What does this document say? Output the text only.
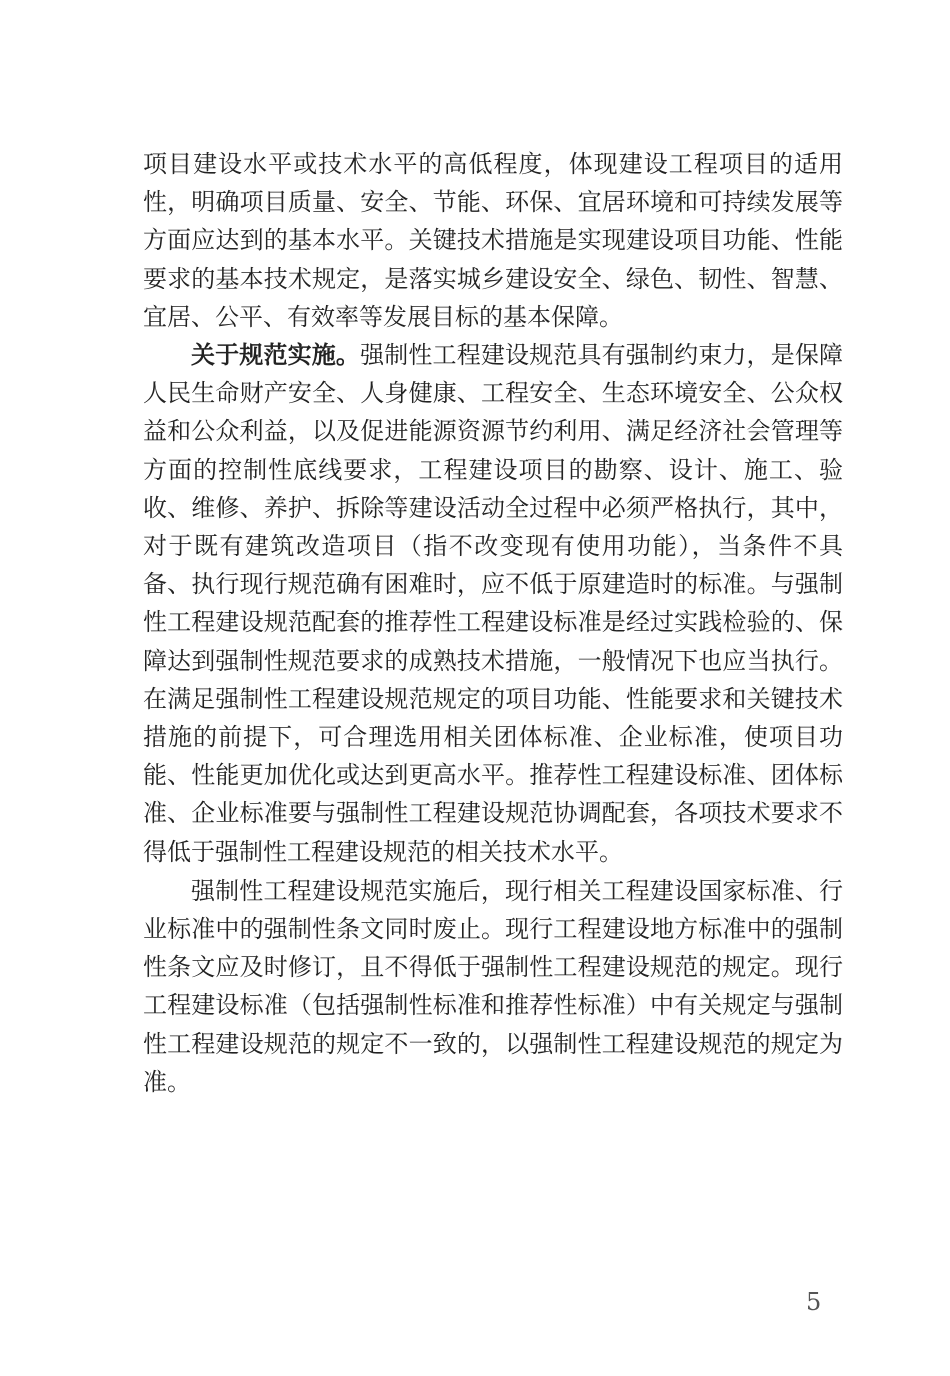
项目建设水平或技术水平的高低程度，体现建设工程项目的适用性，明确项目质量、安全、节能、环保、宜居环境和可持续发展等方面应达到的基本水平。关键技术措施是实现建设项目功能、性能要求的基本技术规定，是落实城乡建设安全、绿色、韧性、智慧、宜居、公平、有效率等发展目标的基本保障。

关于规范实施。强制性工程建设规范具有强制约束力，是保障人民生命财产安全、人身健康、工程安全、生态环境安全、公众权益和公众利益，以及促进能源资源节约利用、满足经济社会管理等方面的控制性底线要求，工程建设项目的勘察、设计、施工、验收、维修、养护、拆除等建设活动全过程中必须严格执行，其中，对于既有建筑改造项目（指不改变现有使用功能），当条件不具备、执行现行规范确有困难时，应不低于原建造时的标准。与强制性工程建设规范配套的推荐性工程建设标准是经过实践检验的、保障达到强制性规范要求的成熟技术措施，一般情况下也应当执行。在满足强制性工程建设规范规定的项目功能、性能要求和关键技术措施的前提下，可合理选用相关团体标准、企业标准，使项目功能、性能更加优化或达到更高水平。推荐性工程建设标准、团体标准、企业标准要与强制性工程建设规范协调配套，各项技术要求不得低于强制性工程建设规范的相关技术水平。

强制性工程建设规范实施后，现行相关工程建设国家标准、行业标准中的强制性条文同时废止。现行工程建设地方标准中的强制性条文应及时修订，且不得低于强制性工程建设规范的规定。现行工程建设标准（包括强制性标准和推荐性标准）中有关规定与强制性工程建设规范的规定不一致的，以强制性工程建设规范的规定为准。

5
